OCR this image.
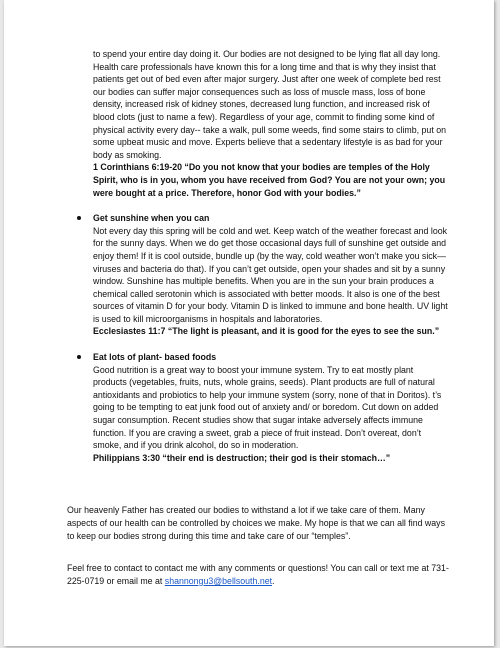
to spend your entire day doing it. Our bodies are not designed to be lying flat all day long. Health care professionals have known this for a long time and that is why they insist that patients get out of bed even after major surgery. Just after one week of complete bed rest our bodies can suffer major consequences such as loss of muscle mass, loss of bone density, increased risk of kidney stones, decreased lung function, and increased risk of blood clots (just to name a few). Regardless of your age, commit to finding some kind of physical activity every day-- take a walk, pull some weeds, find some stairs to climb, put on some upbeat music and move. Experts believe that a sedentary lifestyle is as bad for your body as smoking.

1 Corinthians 6:19-20 “Do you not know that your bodies are temples of the Holy Spirit, who is in you, whom you have received from God? You are not your own; you were bought at a price. Therefore, honor God with your bodies.”

Get sunshine when you can

Not every day this spring will be cold and wet. Keep watch of the weather forecast and look for the sunny days. When we do get those occasional days full of sunshine get outside and enjoy them! If it is cool outside, bundle up (by the way, cold weather won’t make you sick—viruses and bacteria do that). If you can’t get outside, open your shades and sit by a sunny window. Sunshine has multiple benefits. When you are in the sun your brain produces a chemical called serotonin which is associated with better moods. It also is one of the best sources of vitamin D for your body. Vitamin D is linked to immune and bone health. UV light is used to kill microorganisms in hospitals and laboratories.

Ecclesiastes 11:7 “The light is pleasant, and it is good for the eyes to see the sun.”

Eat lots of plant- based foods

Good nutrition is a great way to boost your immune system. Try to eat mostly plant products (vegetables, fruits, nuts, whole grains, seeds). Plant products are full of natural antioxidants and probiotics to help your immune system (sorry, none of that in Doritos). t’s going to be tempting to eat junk food out of anxiety and/ or boredom. Cut down on added sugar consumption. Recent studies show that sugar intake adversely affects immune function. If you are craving a sweet, grab a piece of fruit instead. Don’t overeat, don’t smoke, and if you drink alcohol, do so in moderation.

Philippians 3:30 “their end is destruction; their god is their stomach…”

Our heavenly Father has created our bodies to withstand a lot if we take care of them. Many aspects of our health can be controlled by choices we make. My hope is that we can all find ways to keep our bodies strong during this time and take care of our “temples”.

Feel free to contact to contact me with any comments or questions! You can call or text me at 731-225-0719 or email me at shannongu3@bellsouth.net.
